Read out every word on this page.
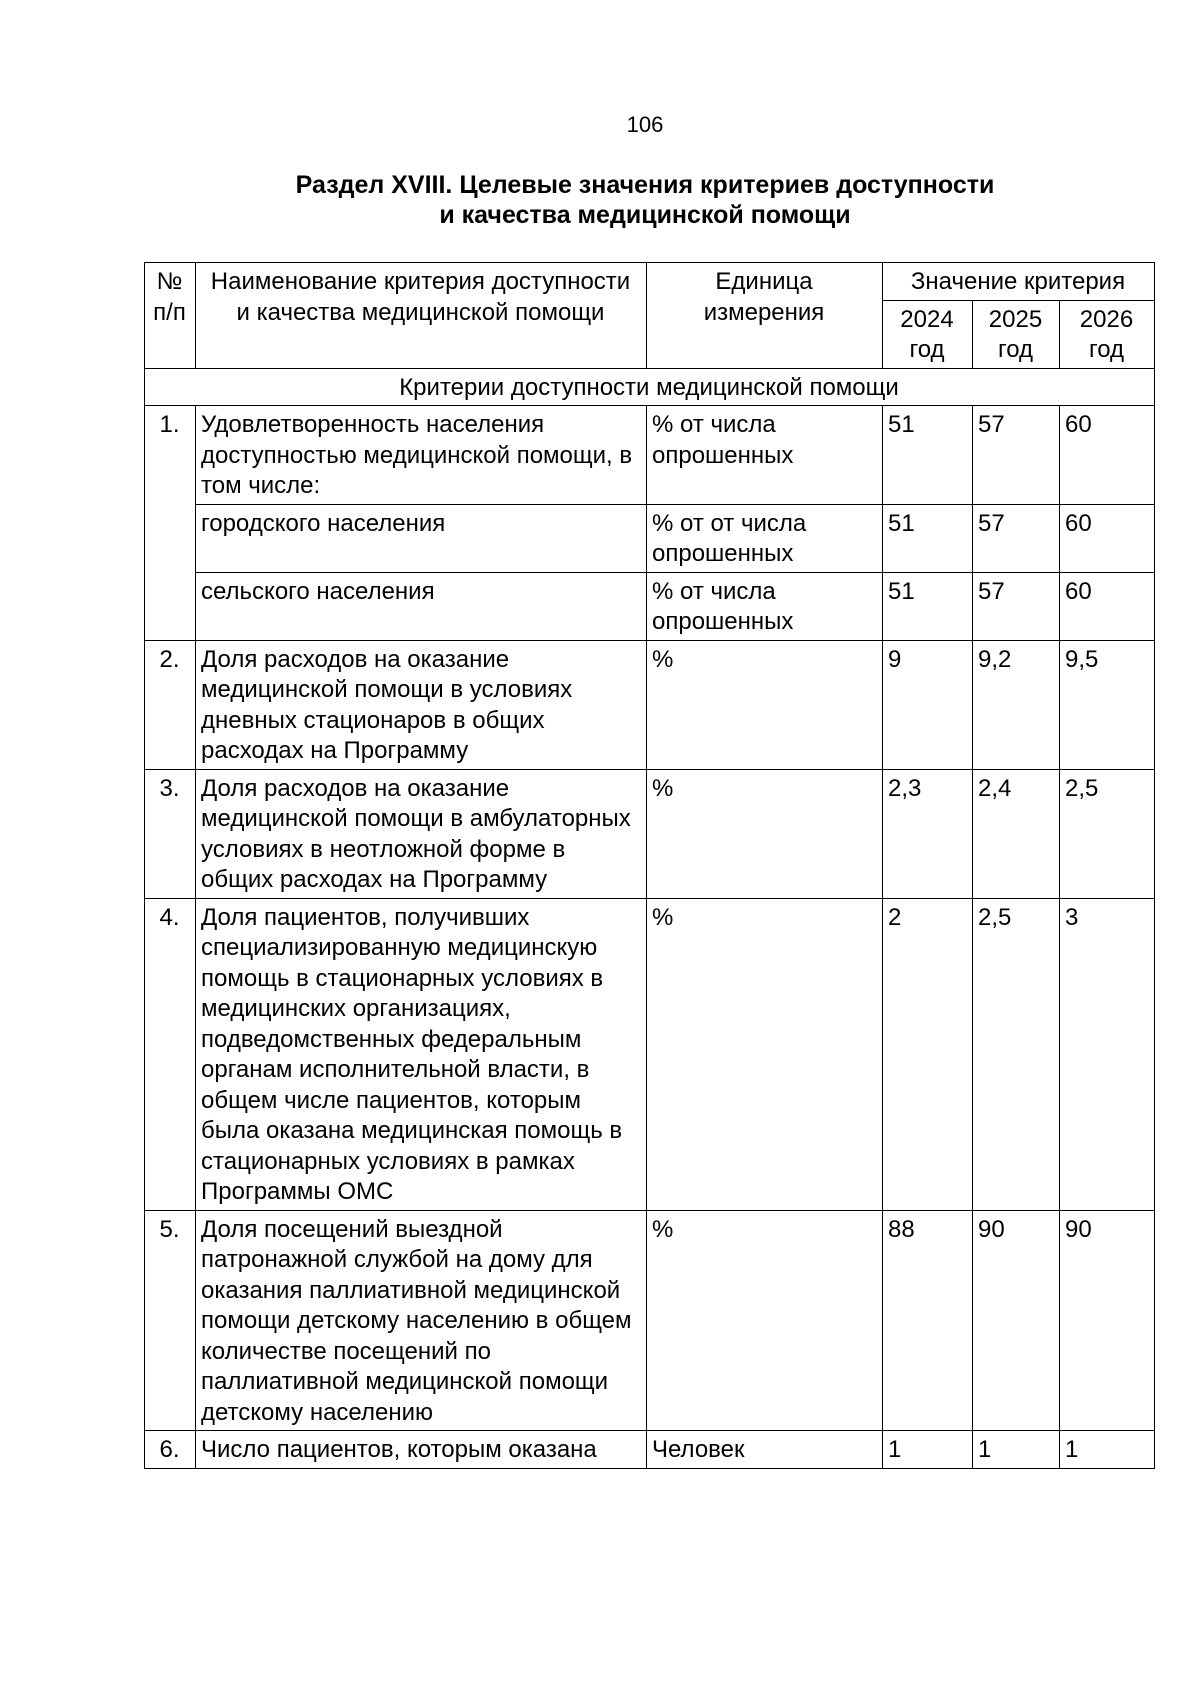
106
Раздел XVIII. Целевые значения критериев доступности
и качества медицинской помощи
№ п/п	Наименование критерия доступности и качества медицинской помощи	Единица измерения	Значение критерия		
			2024 год	2025 год	2026 год
Критерии доступности медицинской помощи					
1.	Удовлетворенность населения доступностью медицинской помощи, в том числе:	% от числа опрошенных	51	57	60
	городского населения	% от от числа опрошенных	51	57	60
	сельского населения	% от числа опрошенных	51	57	60
2.	Доля расходов на оказание медицинской помощи в условиях дневных стационаров в общих расходах на Программу	%	9	9,2	9,5
3.	Доля расходов на оказание медицинской помощи в амбулаторных условиях в неотложной форме в общих расходах на Программу	%	2,3	2,4	2,5
4.	Доля пациентов, получивших специализированную медицинскую помощь в стационарных условиях в медицинских организациях, подведомственных федеральным органам исполнительной власти, в общем числе пациентов, которым была оказана медицинская помощь в стационарных условиях в рамках Программы ОМС	%	2	2,5	3
5.	Доля посещений выездной патронажной службой на дому для оказания паллиативной медицинской помощи детскому населению в общем количестве посещений по паллиативной медицинской помощи детскому населению	%	88	90	90
6.	Число пациентов, которым оказана	Человек	1	1	1
